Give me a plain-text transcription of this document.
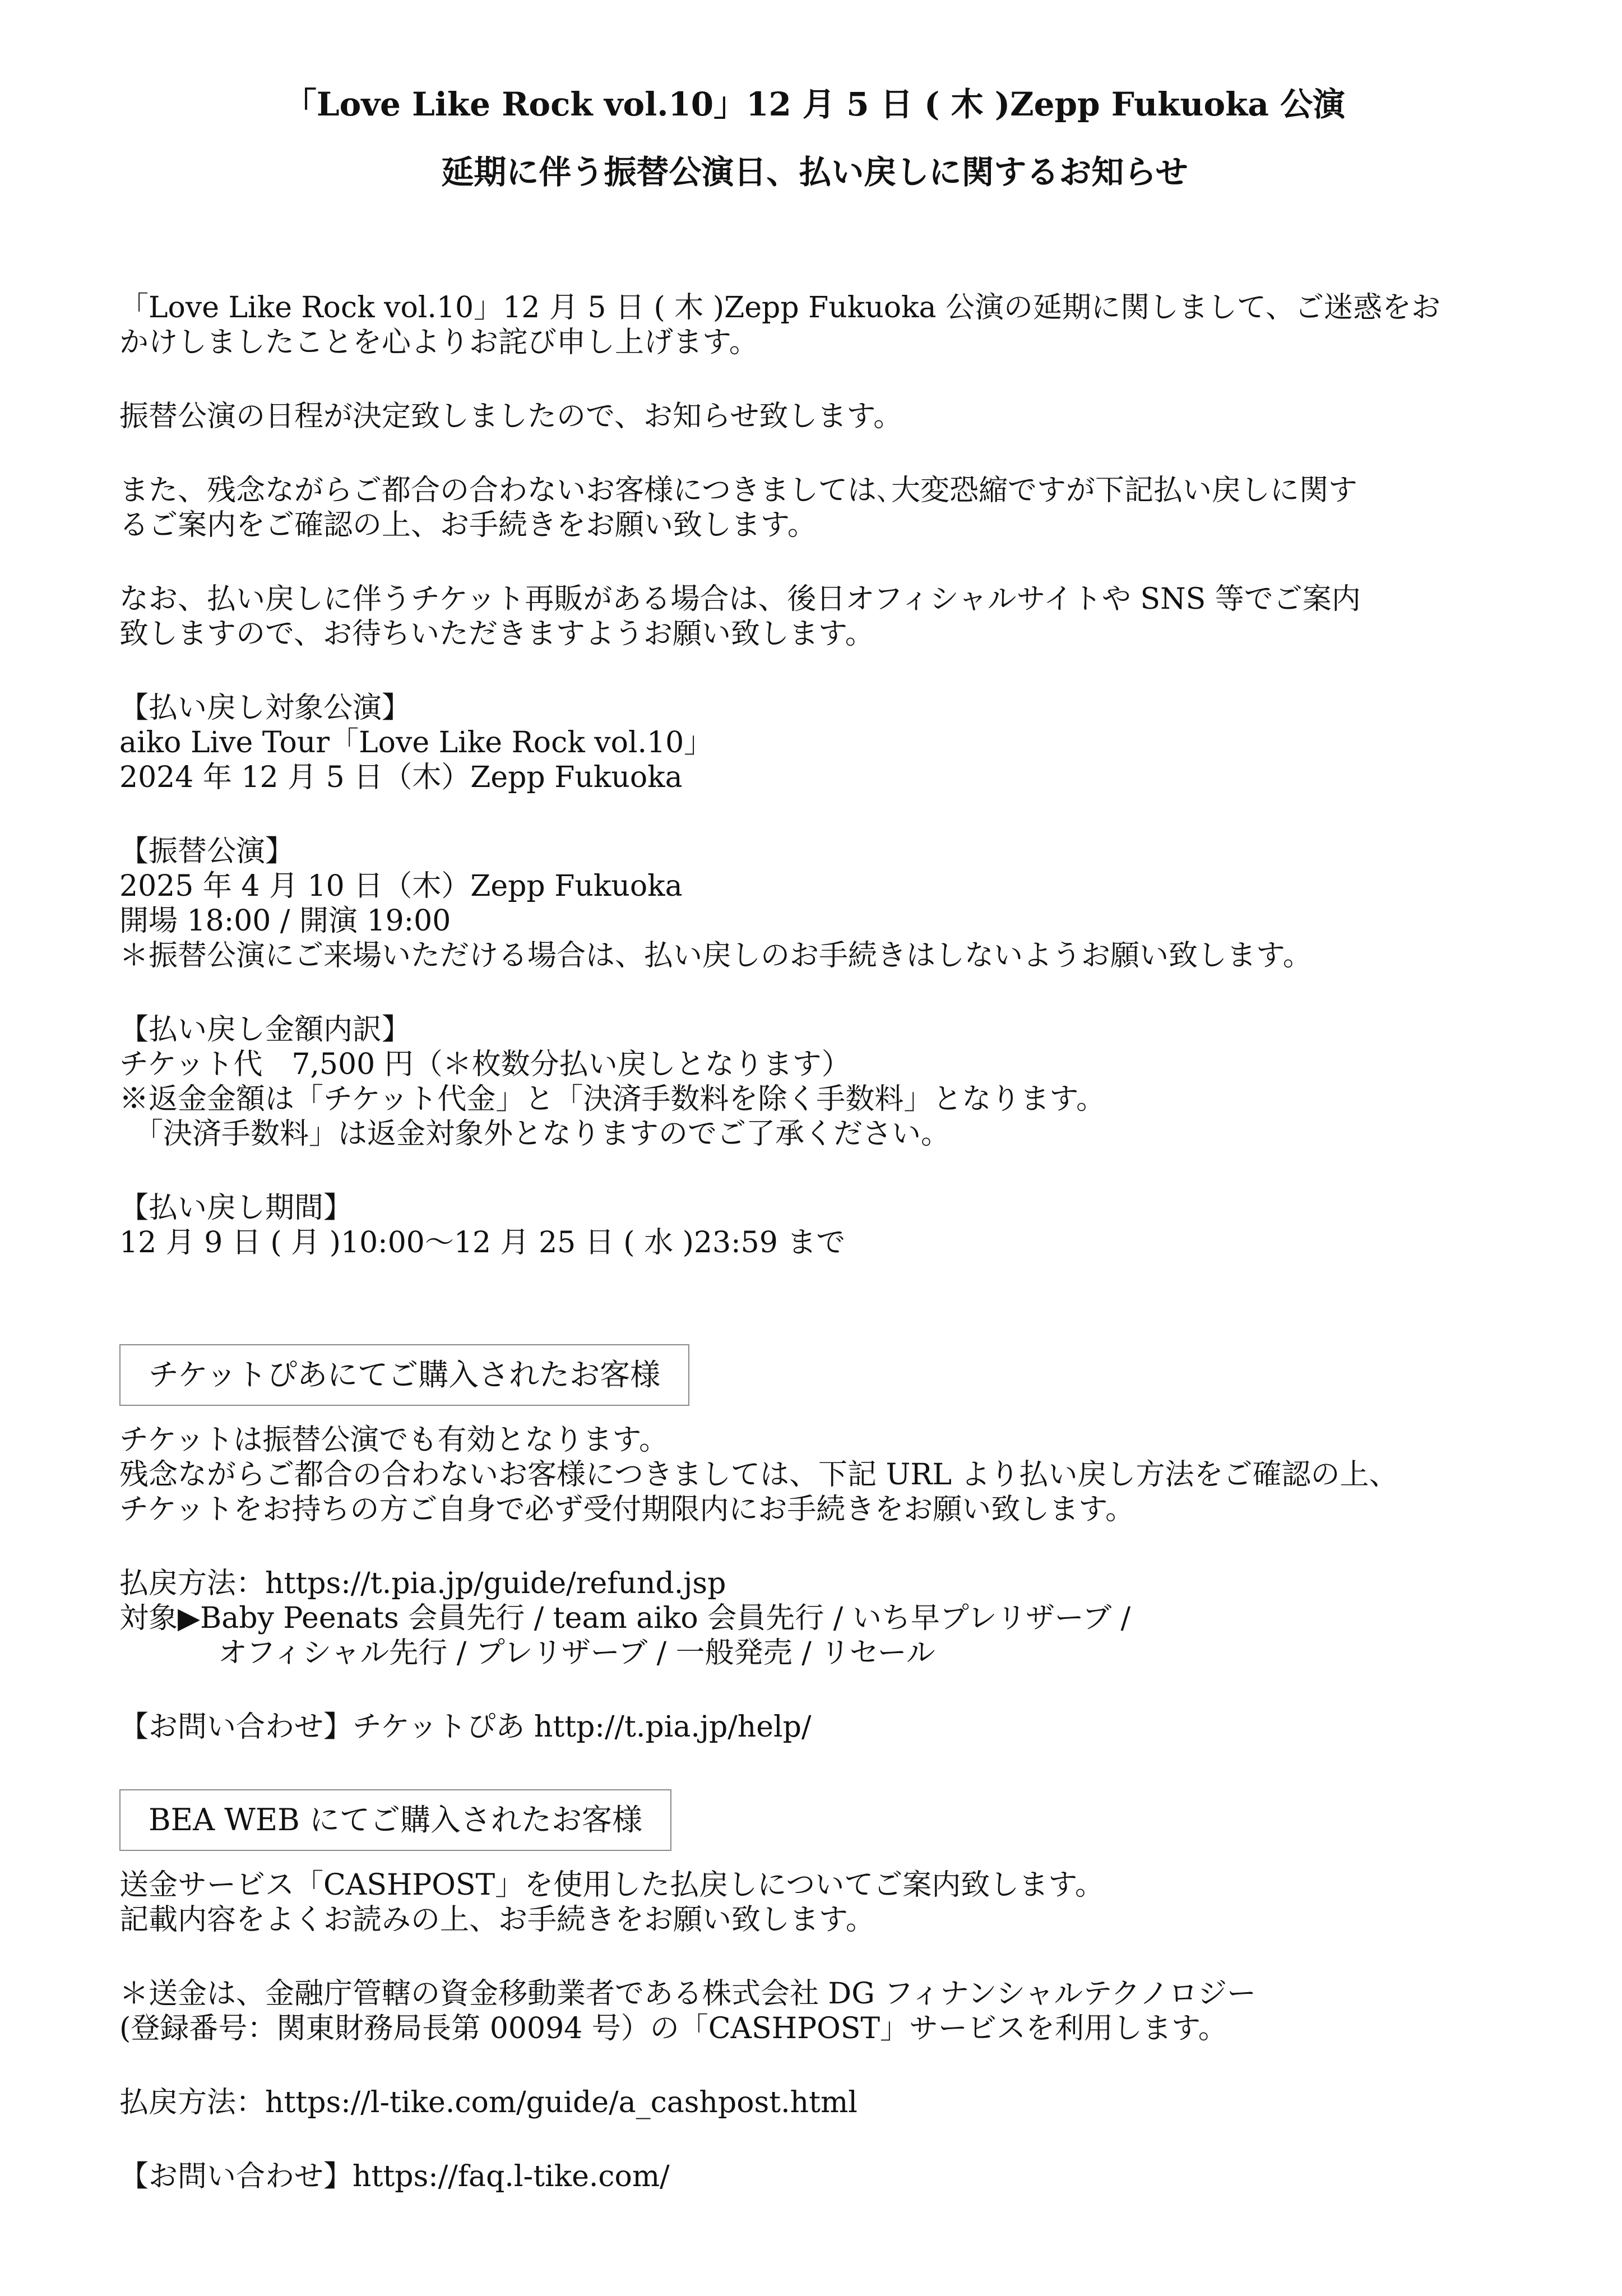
「Love Like Rock vol.10」12 月 5 日 ( 木 )Zepp Fukuoka 公演
延期に伴う振替公演日、払い戻しに関するお知らせ

「Love Like Rock vol.10」12 月 5 日 ( 木 )Zepp Fukuoka 公演の延期に関しまして、ご迷惑をお

かけしましたことを心よりお詫び申し上げます。

振替公演の日程が決定致しましたので、お知らせ致します。

また、残念ながらご都合の合わないお客様につきましては､大変恐縮ですが下記払い戻しに関す

るご案内をご確認の上、お手続きをお願い致します。

なお、払い戻しに伴うチケット再販がある場合は、後日オフィシャルサイトや SNS 等でご案内

致しますので、お待ちいただきますようお願い致します。

【払い戻し対象公演】

aiko Live Tour「Love Like Rock vol.10」

2024 年 12 月 5 日（木）Zepp Fukuoka

【振替公演】

2025 年 4 月 10 日（木）Zepp Fukuoka

開場 18:00 / 開演 19:00

＊振替公演にご来場いただける場合は、払い戻しのお手続きはしないようお願い致します。

【払い戻し金額内訳】

チケット代　7,500 円（＊枚数分払い戻しとなります）

※返金金額は「チケット代金」と「決済手数料を除く手数料」となります。

「決済手数料」は返金対象外となりますのでご了承ください。

【払い戻し期間】

12 月 9 日 ( 月 )10:00〜12 月 25 日 ( 水 )23:59 まで

チケットぴあにてご購入されたお客様

チケットは振替公演でも有効となります。

残念ながらご都合の合わないお客様につきましては、下記 URL より払い戻し方法をご確認の上、

チケットをお持ちの方ご自身で必ず受付期限内にお手続きをお願い致します。

払戻方法：https://t.pia.jp/guide/refund.jsp

対象▶Baby Peenats 会員先行 / team aiko 会員先行 / いち早プレリザーブ /

オフィシャル先行 / プレリザーブ / 一般発売 / リセール

【お問い合わせ】チケットぴあ http://t.pia.jp/help/

BEA WEB にてご購入されたお客様

送金サービス「CASHPOST」を使用した払戻しについてご案内致します。

記載内容をよくお読みの上、お手続きをお願い致します。

＊送金は、金融庁管轄の資金移動業者である株式会社 DG フィナンシャルテクノロジー

(登録番号：関東財務局長第 00094 号）の「CASHPOST」サービスを利用します。

払戻方法：https://l-tike.com/guide/a_cashpost.html

【お問い合わせ】https://faq.l-tike.com/
